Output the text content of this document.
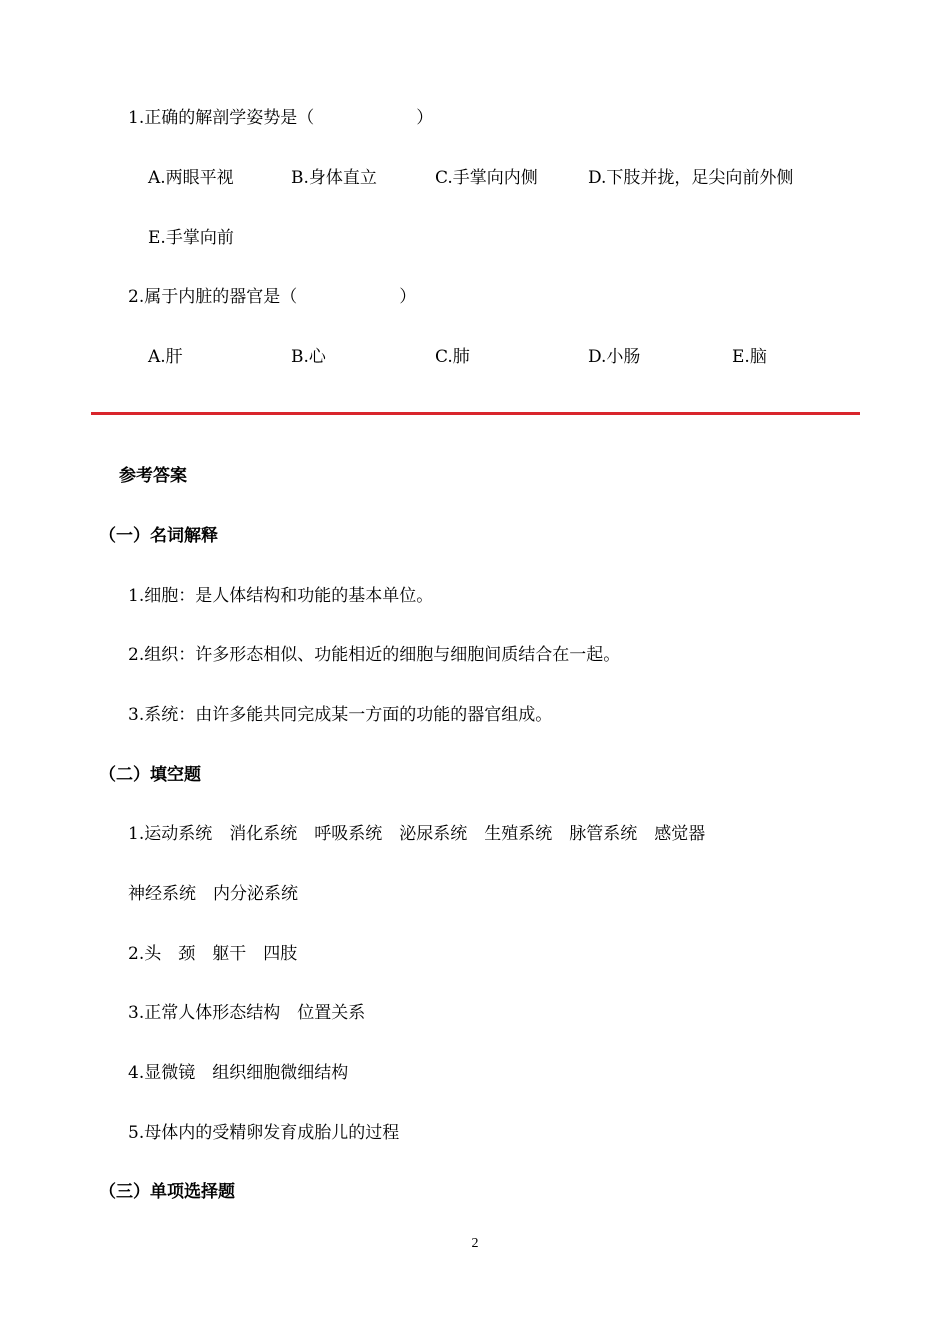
1.正确的解剖学姿势是（　　　　　　）
A.两眼平视	B.身体直立	C.手掌向内侧	D.下肢并拢，足尖向前外侧
E.手掌向前
2.属于内脏的器官是（　　　　　　）
A.肝	B.心	C.肺	D.小肠	E.脑
参考答案
（一）名词解释
1.细胞：是人体结构和功能的基本单位。
2.组织：许多形态相似、功能相近的细胞与细胞间质结合在一起。
3.系统：由许多能共同完成某一方面的功能的器官组成。
（二）填空题
1.运动系统　消化系统　呼吸系统　泌尿系统　生殖系统　脉管系统　感觉器
神经系统　内分泌系统
2.头　颈　躯干　四肢
3.正常人体形态结构　位置关系
4.显微镜　组织细胞微细结构
5.母体内的受精卵发育成胎儿的过程
（三）单项选择题
2
